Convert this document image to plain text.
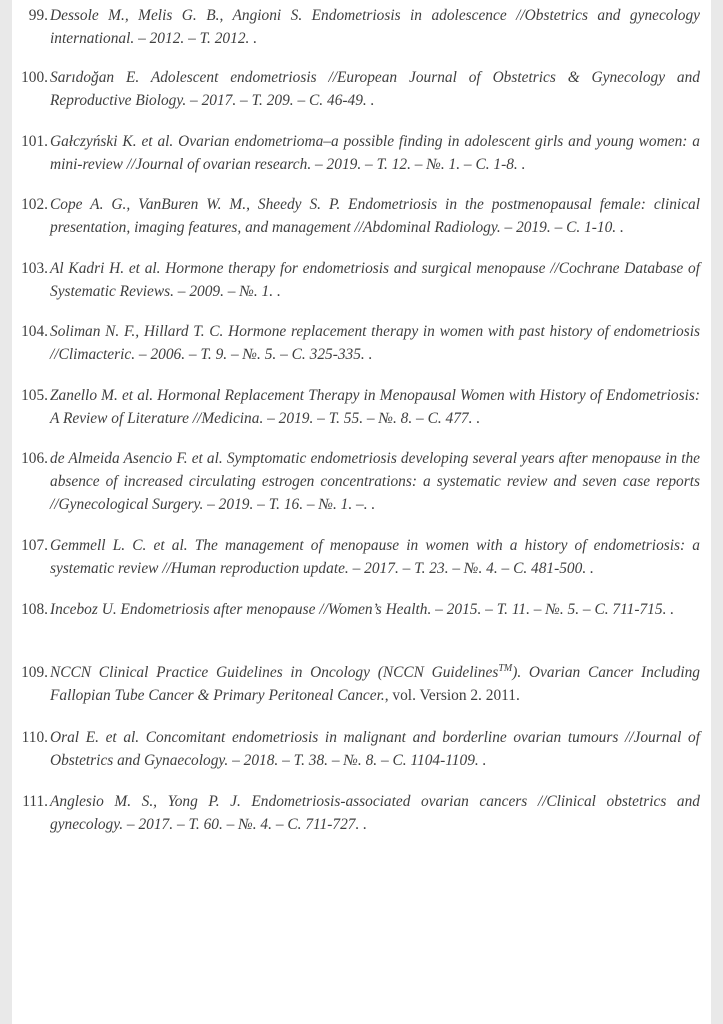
99. Dessole M., Melis G. B., Angioni S. Endometriosis in adolescence //Obstetrics and gynecology international. – 2012. – T. 2012. .
100. Sarıdoğan E. Adolescent endometriosis //European Journal of Obstetrics & Gynecology and Reproductive Biology. – 2017. – T. 209. – C. 46-49. .
101. Gałczyński K. et al. Ovarian endometrioma–a possible finding in adolescent girls and young women: a mini-review //Journal of ovarian research. – 2019. – T. 12. – №. 1. – C. 1-8. .
102. Cope A. G., VanBuren W. M., Sheedy S. P. Endometriosis in the postmenopausal female: clinical presentation, imaging features, and management //Abdominal Radiology. – 2019. – C. 1-10. .
103. Al Kadri H. et al. Hormone therapy for endometriosis and surgical menopause //Cochrane Database of Systematic Reviews. – 2009. – №. 1. .
104. Soliman N. F., Hillard T. C. Hormone replacement therapy in women with past history of endometriosis //Climacteric. – 2006. – T. 9. – №. 5. – C. 325-335. .
105. Zanello M. et al. Hormonal Replacement Therapy in Menopausal Women with History of Endometriosis: A Review of Literature //Medicina. – 2019. – T. 55. – №. 8. – C. 477. .
106. de Almeida Asencio F. et al. Symptomatic endometriosis developing several years after menopause in the absence of increased circulating estrogen concentrations: a systematic review and seven case reports //Gynecological Surgery. – 2019. – T. 16. – №. 1. –. .
107. Gemmell L. C. et al. The management of menopause in women with a history of endometriosis: a systematic review //Human reproduction update. – 2017. – T. 23. – №. 4. – C. 481-500. .
108. Inceboz U. Endometriosis after menopause //Women’s Health. – 2015. – T. 11. – №. 5. – C. 711-715. .
109. NCCN Clinical Practice Guidelines in Oncology (NCCN Guidelines™). Ovarian Cancer Including Fallopian Tube Cancer & Primary Peritoneal Cancer., vol. Version 2. 2011.
110. Oral E. et al. Concomitant endometriosis in malignant and borderline ovarian tumours //Journal of Obstetrics and Gynaecology. – 2018. – T. 38. – №. 8. – C. 1104-1109. .
111. Anglesio M. S., Yong P. J. Endometriosis-associated ovarian cancers //Clinical obstetrics and gynecology. – 2017. – T. 60. – №. 4. – C. 711-727. .
